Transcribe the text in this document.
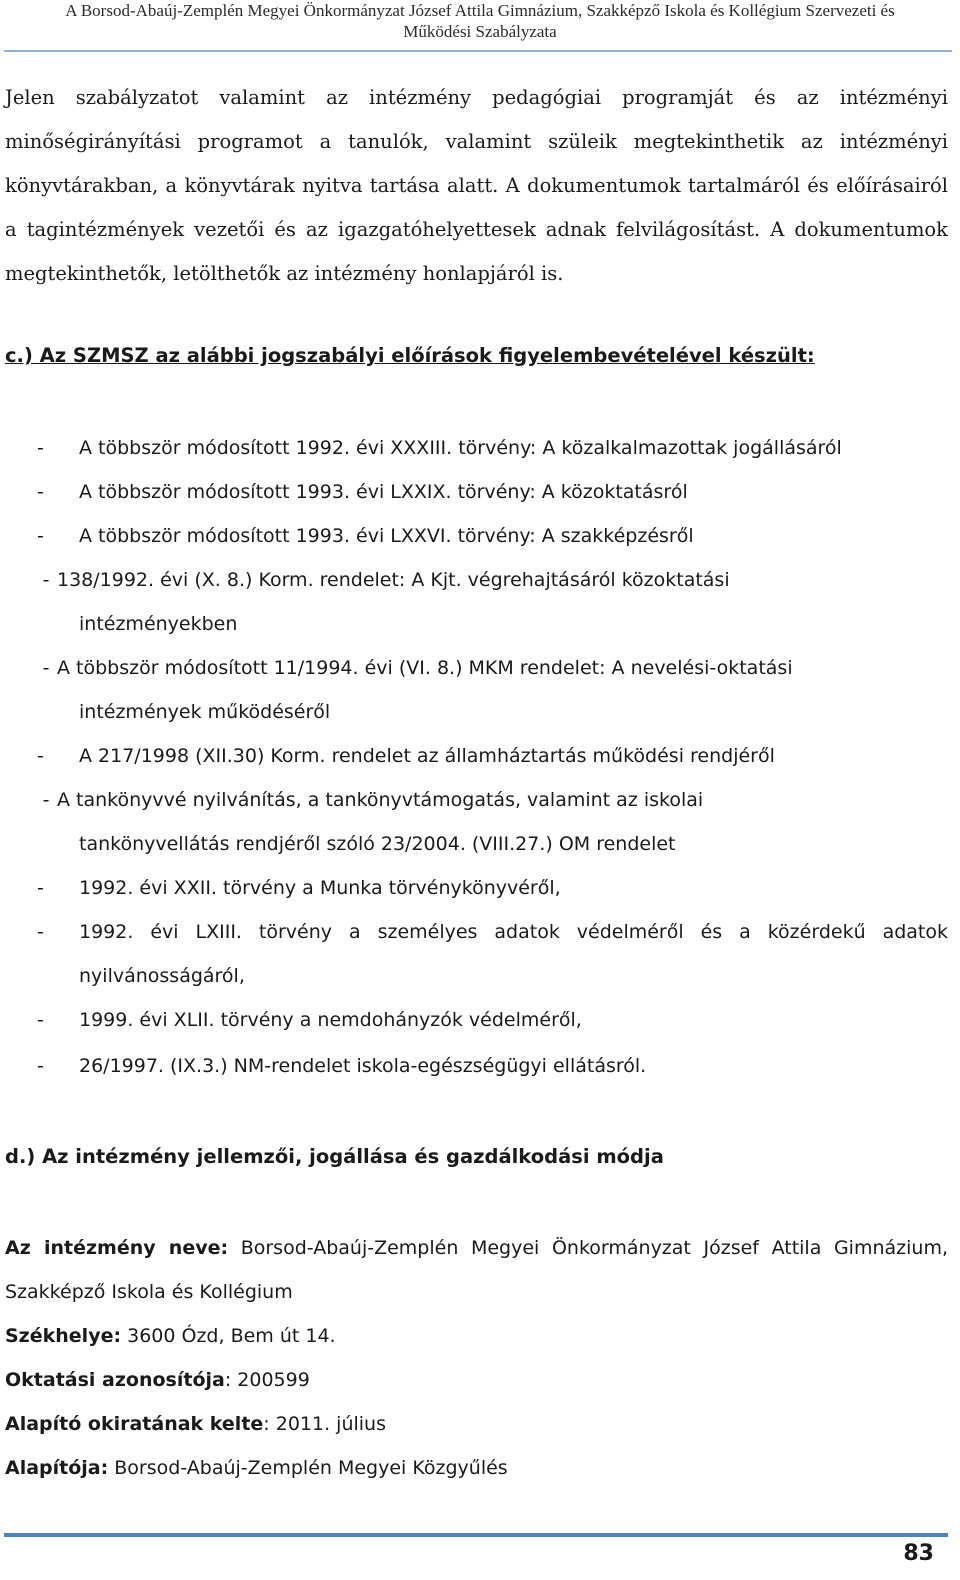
A Borsod-Abaúj-Zemplén Megyei Önkormányzat József Attila Gimnázium, Szakképző Iskola és Kollégium Szervezeti és
Működési Szabályzata

Jelen szabályzatot valamint az intézmény pedagógiai programját és az intézményi minőségirányítási programot a tanulók, valamint szüleik megtekinthetik az intézményi könyvtárakban, a könyvtárak nyitva tartása alatt. A dokumentumok tartalmáról és előírásairól a tagintézmények vezetői és az igazgatóhelyettesek adnak felvilágosítást. A dokumentumok megtekinthetők, letölthetők az intézmény honlapjáról is.

c.) Az SZMSZ az alábbi jogszabályi előírások figyelembevételével készült:
- A többször módosított 1992. évi XXXIII. törvény: A közalkalmazottak jogállásáról
- A többször módosított 1993. évi LXXIX. törvény: A közoktatásról
- A többször módosított 1993. évi LXXVI. törvény: A szakképzésről
- 138/1992. évi (X. 8.) Korm. rendelet: A Kjt. végrehajtásáról közoktatási
intézményekben
- A többször módosított 11/1994. évi (VI. 8.) MKM rendelet: A nevelési-oktatási
intézmények működéséről
- A 217/1998 (XII.30) Korm. rendelet az államháztartás működési rendjéről
- A tankönyvvé nyilvánítás, a tankönyvtámogatás, valamint az iskolai
tankönyvellátás rendjéről szóló 23/2004. (VIII.27.) OM rendelet
- 1992. évi XXII. törvény a Munka törvénykönyvéről,
- 1992. évi LXIII. törvény a személyes adatok védelméről és a közérdekű adatok nyilvánosságáról,
- 1999. évi XLII. törvény a nemdohányzók védelméről,
- 26/1997. (IX.3.) NM-rendelet iskola-egészségügyi ellátásról.
d.) Az intézmény jellemzői, jogállása és gazdálkodási módja

Az intézmény neve: Borsod-Abaúj-Zemplén Megyei Önkormányzat József Attila Gimnázium, Szakképző Iskola és Kollégium

Székhelye: 3600 Ózd, Bem út 14.

Oktatási azonosítója: 200599

Alapító okiratának kelte: 2011. július

Alapítója: Borsod-Abaúj-Zemplén Megyei Közgyűlés

83
